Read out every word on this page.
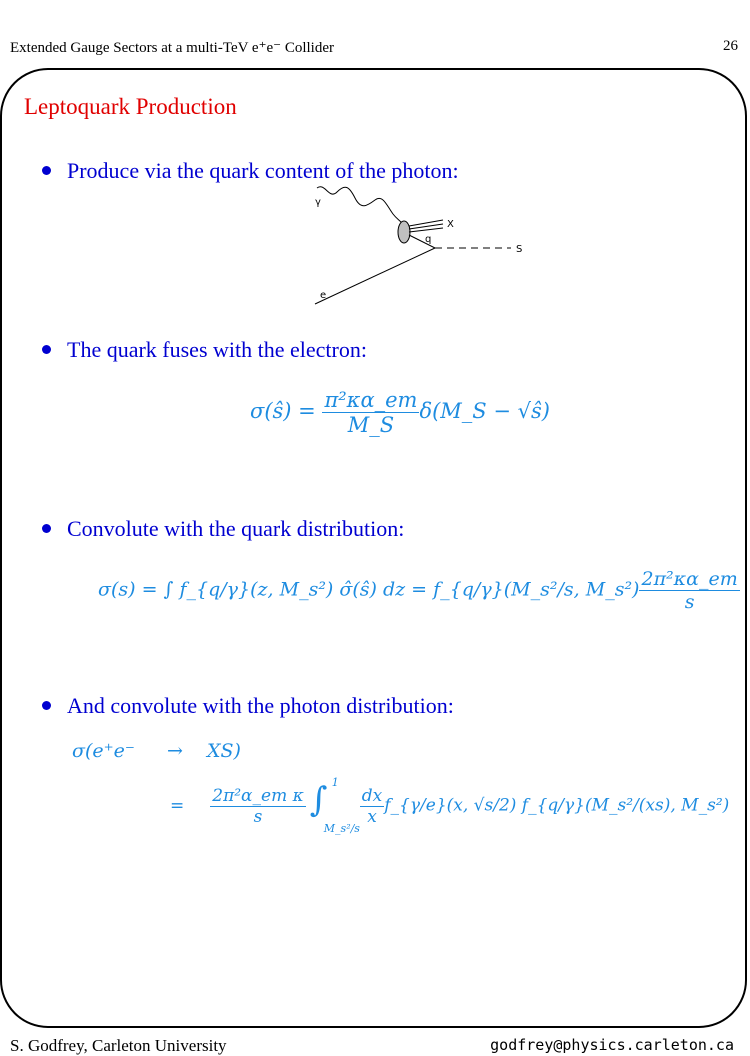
Extended Gauge Sectors at a multi-TeV e⁺e⁻ Collider	26
Leptoquark Production
Produce via the quark content of the photon:
γ
X
q
S
e
The quark fuses with the electron:
σ(ŝ) = $\frac{\text{π²κα\_em}}{M\_S}$ δ(M_S − √ŝ)
Convolute with the quark distribution:
σ(s) = ∫ f_{q/γ}(z, M_s²) σ̂(ŝ) dz = f_{q/γ}(M_s²/s, M_s²) $\frac{\text{2π²κα\_em}}{s}$
And convolute with the photon distribution:
σ(e⁺e⁻ → XS)
= $\frac{\text{2π²α\_em κ}}{s}$ ∫ 1
M_s²/s
$\frac{dx}{x}$ f_{γ/e}(x, √s/2) f_{q/γ}(M_s²/(xs), M_s²)
S. Godfrey, Carleton University	godfrey@physics.carleton.ca
